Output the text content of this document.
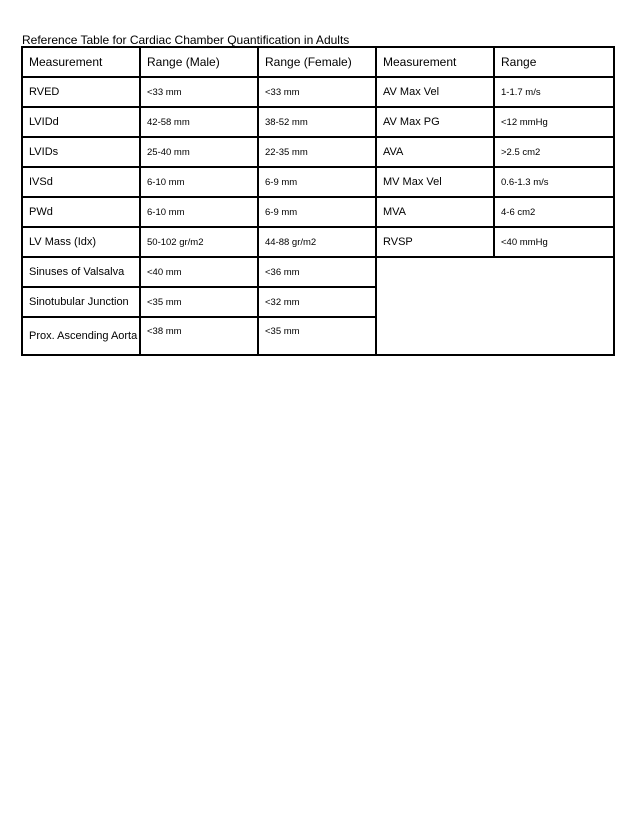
Reference Table for Cardiac Chamber Quantification in Adults
Measurement	Range (Male)	Range (Female)	Measurement	Range
RVED	<33 mm	<33 mm	AV Max Vel	1-1.7 m/s
LVIDd	42-58 mm	38-52 mm	AV Max PG	<12 mmHg
LVIDs	25-40 mm	22-35 mm	AVA	>2.5 cm2
IVSd	6-10 mm	6-9 mm	MV Max Vel	0.6-1.3 m/s
PWd	6-10 mm	6-9 mm	MVA	4-6 cm2
LV Mass (Idx)	50-102 gr/m2	44-88 gr/m2	RVSP	<40 mmHg
Sinuses of Valsalva	<40 mm	<36 mm		
Sinotubular Junction	<35 mm	<32 mm		
Prox. Ascending Aorta	<38 mm	<35 mm		
